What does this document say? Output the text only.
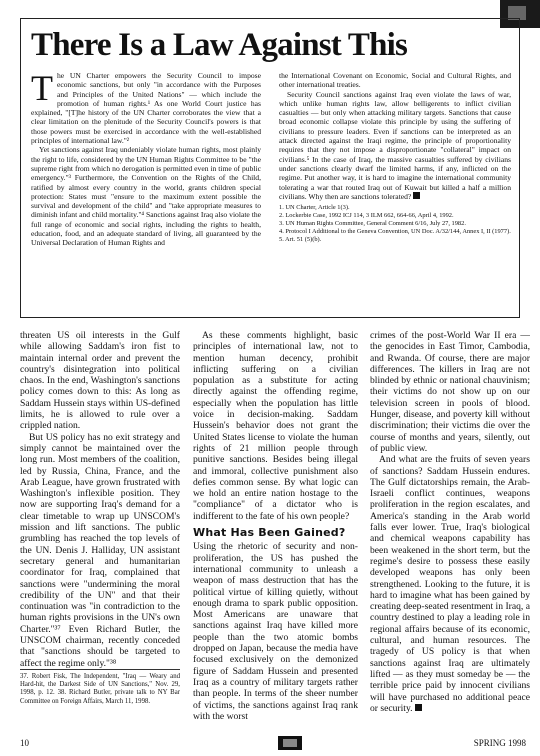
There Is a Law Against This

The UN Charter empowers the Security Council to impose economic sanctions, but only "in accordance with the Purposes and Principles of the United Nations" — which include the promotion of human rights.¹ As one World Court justice has explained, "[T]he history of the UN Charter corroborates the view that a clear limitation on the plenitude of the Security Council's powers is that those powers must be exercised in accordance with the well-established principles of international law."²

Yet sanctions against Iraq undeniably violate human rights, most plainly the right to life, considered by the UN Human Rights Committee to be "the supreme right from which no derogation is permitted even in time of public emergency."³ Furthermore, the Convention on the Rights of the Child, ratified by almost every country in the world, grants children special protection: States must "ensure to the maximum extent possible the survival and development of the child" and "take appropriate measures to diminish infant and child mortality."⁴ Sanctions against Iraq also violate the full range of economic and social rights, including the rights to health, education, food, and an adequate standard of living, all guaranteed by the Universal Declaration of Human Rights and

the International Covenant on Economic, Social and Cultural Rights, and other international treaties.

Security Council sanctions against Iraq even violate the laws of war, which unlike human rights law, allow belligerents to inflict civilian casualties — but only when attacking military targets. Sanctions that cause broad economic collapse violate this principle by using the suffering of civilians to pressure leaders. Even if sanctions can be interpreted as an attack directed against the Iraqi regime, the principle of proportionality requires that they not impose a disproportionate "collateral" impact on civilians.⁵ In the case of Iraq, the massive casualties suffered by civilians under sanctions clearly dwarf the limited harms, if any, inflicted on the regime. Put another way, it is hard to imagine the international community tolerating a war that routed Iraq out of Kuwait but killed a half a million civilians. Why then are sanctions tolerated?

1. UN Charter, Article 1(3).

2. Lockerbie Case, 1992 ICJ 114, 3 ILM 662, 664-66, April 4, 1992.

3. UN Human Rights Committee, General Comment 6/16, July 27, 1982.

4. Protocol I Additional to the Geneva Convention, UN Doc. A/32/144, Annex I, II (1977).

5. Art. 51 (5)(b).

threaten US oil interests in the Gulf while allowing Saddam's iron fist to maintain internal order and prevent the country's disintegration into political chaos. In the end, Washington's sanctions policy comes down to this: As long as Saddam Hussein stays within US-defined limits, he is allowed to rule over a crippled nation.

But US policy has no exit strategy and simply cannot be maintained over the long run. Most members of the coalition, led by Russia, China, France, and the Arab League, have grown frustrated with Washington's inflexible position. They now are supporting Iraq's demand for a clear timetable to wrap up UNSCOM's mission and lift sanctions. The public grumbling has reached the top levels of the UN. Denis J. Halliday, UN assistant secretary general and humanitarian coordinator for Iraq, complained that sanctions were "undermining the moral credibility of the UN" and that their continuation was "in contradiction to the human rights provisions in the UN's own Charter."³⁷ Even Richard Butler, the UNSCOM chairman, recently conceded that "sanctions should be targeted to affect the regime only."³⁸

37. Robert Fisk, The Independent, "Iraq — Weary and Hard-hit, the Darkest Side of UN Sanctions," Nov. 29, 1998, p. 12. 38. Richard Butler, private talk to NY Bar Committee on Foreign Affairs, March 11, 1998.

As these comments highlight, basic principles of international law, not to mention human decency, prohibit inflicting suffering on a civilian population as a substitute for acting directly against the offending regime, especially when the population has little voice in decision-making. Saddam Hussein's behavior does not grant the United States license to violate the human rights of 21 million people through punitive sanctions. Besides being illegal and immoral, collective punishment also defies common sense. By what logic can we hold an entire nation hostage to the "compliance" of a dictator who is indifferent to the fate of his own people?

What Has Been Gained?

Using the rhetoric of security and non-proliferation, the US has pushed the international community to unleash a weapon of mass destruction that has the political virtue of killing quietly, without enough drama to spark public opposition. Most Americans are unaware that sanctions against Iraq have killed more people than the two atomic bombs dropped on Japan, because the media have focused exclusively on the demonized figure of Saddam Hussein and presented Iraq as a country of military targets rather than people. In terms of the sheer number of victims, the sanctions against Iraq rank with the worst

crimes of the post-World War II era — the genocides in East Timor, Cambodia, and Rwanda. Of course, there are major differences. The killers in Iraq are not blinded by ethnic or national chauvinism; their victims do not show up on our television screen in pools of blood. Hunger, disease, and poverty kill without discrimination; their victims die over the course of months and years, silently, out of public view.

And what are the fruits of seven years of sanctions? Saddam Hussein endures. The Gulf dictatorships remain, the Arab-Israeli conflict continues, weapons proliferation in the region escalates, and America's standing in the Arab world falls ever lower. True, Iraq's biological and chemical weapons capability has been weakened in the short term, but the regime's desire to possess these easily developed weapons has only been strengthened. Looking to the future, it is hard to imagine what has been gained by creating deep-seated resentment in Iraq, a country destined to play a leading role in regional affairs because of its economic, cultural, and human resources. The tragedy of US policy is that when sanctions against Iraq are ultimately lifted — as they must someday be — the terrible price paid by innocent civilians will have purchased no additional peace or security.

10	SPRING 1998
